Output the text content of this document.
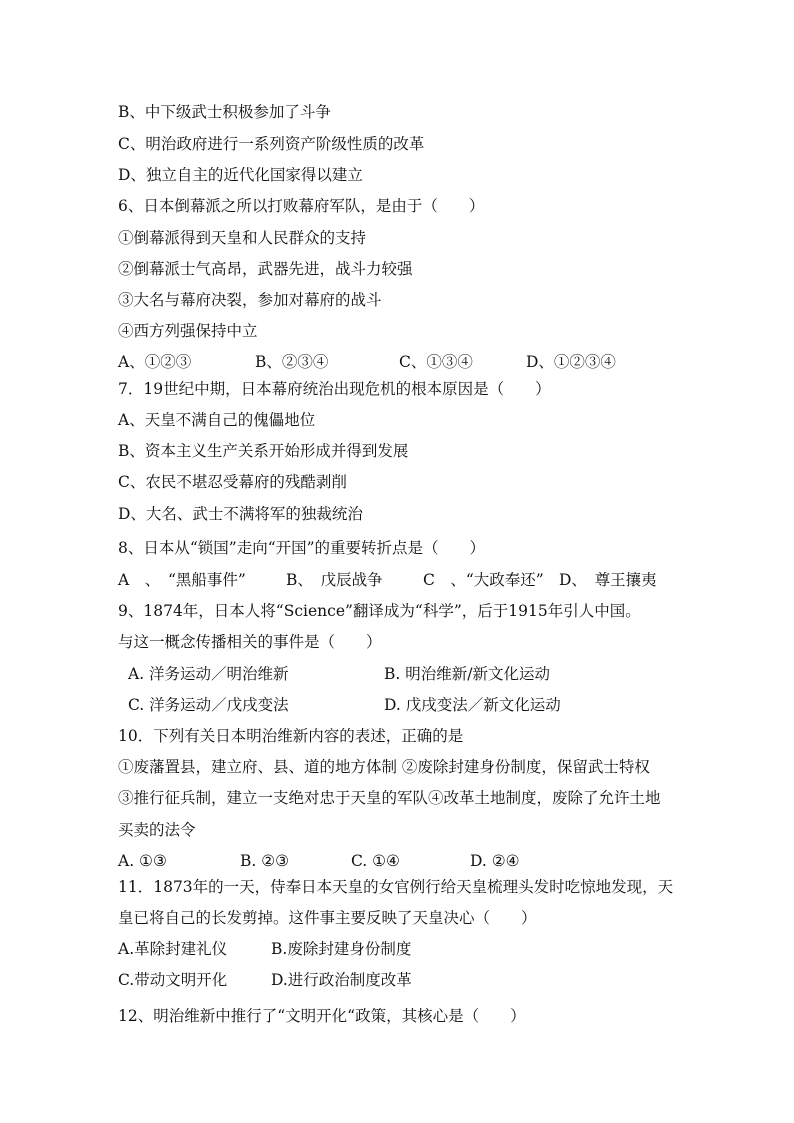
B、中下级武士积极参加了斗争
C、明治政府进行一系列资产阶级性质的改革
D、独立自主的近代化国家得以建立
6、日本倒幕派之所以打败幕府军队，是由于（　　）
①倒幕派得到天皇和人民群众的支持
②倒幕派士气高昂，武器先进，战斗力较强
③大名与幕府决裂，参加对幕府的战斗
④西方列强保持中立
A、①②③	B、②③④	C、①③④	D、①②③④
7．19世纪中期，日本幕府统治出现危机的根本原因是（　　）
A、天皇不满自己的傀儡地位
B、资本主义生产关系开始形成并得到发展
C、农民不堪忍受幕府的残酷剥削
D、大名、武士不满将军的独裁统治
8、日本从“锁国”走向“开国”的重要转折点是（　　）
A　、　“黑船事件”	B、　戊辰战争	C　、“大政奉还” D、　尊王攘夷
9、1874年，日本人将“Science”翻译成为“科学”，后于1915年引人中国。
与这一概念传播相关的事件是（　　）
A. 洋务运动／明治维新	B. 明治维新/新文化运动
C. 洋务运动／戊戌变法	D. 戊戌变法／新文化运动
10．下列有关日本明治维新内容的表述，正确的是
①废藩置县，建立府、县、道的地方体制 ②废除封建身份制度，保留武士特权
③推行征兵制，建立一支绝对忠于天皇的军队④改革土地制度，废除了允许土地
买卖的法令
A. ①③	B. ②③	C. ①④	D. ②④
11．1873年的一天，侍奉日本天皇的女官例行给天皇梳理头发时吃惊地发现，天
皇已将自己的长发剪掉。这件事主要反映了天皇决心（　　）
A.革除封建礼仪	B.废除封建身份制度
C.带动文明开化	D.进行政治制度改革
12、明治维新中推行了“文明开化“政策，其核心是（　　）
